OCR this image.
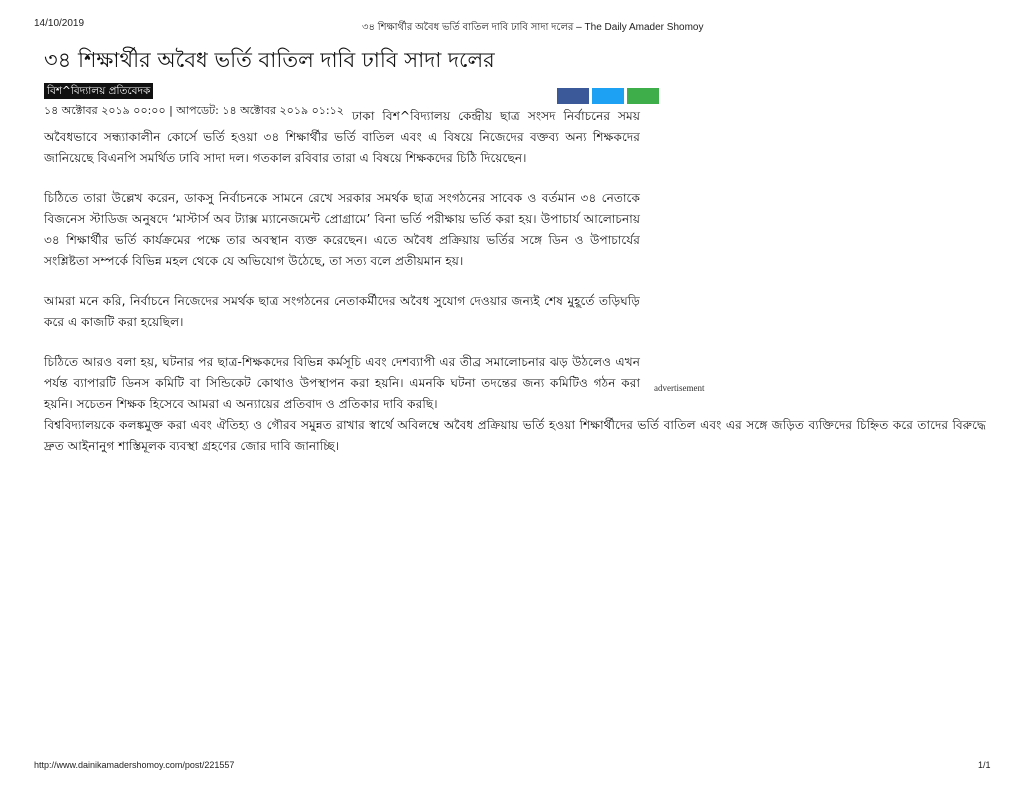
14/10/2019	৩৪ শিক্ষার্থীর অবৈধ ভর্তি বাতিল দাবি ঢাবি সাদা দলের – The Daily Amader Shomoy
৩৪ শিক্ষার্থীর অবৈধ ভর্তি বাতিল দাবি ঢাবি সাদা দলের
বিশ^বিদ্যালয় প্রতিবেদক
১৪ অক্টোবর ২০১৯ ০০:০০ | আপডেট: ১৪ অক্টোবর ২০১৯ ০১:১২ ঢাকা বিশ^বিদ্যালয় কেন্দ্রীয় ছাত্র সংসদ নির্বাচনের সময় অবৈধভাবে সন্ধ্যাকালীন কোর্সে ভর্তি হওয়া ৩৪ শিক্ষার্থীর ভর্তি বাতিল এবং এ বিষয়ে নিজেদের বক্তব্য অন্য শিক্ষকদের জানিয়েছে বিএনপি সমর্থিত ঢাবি সাদা দল। গতকাল রবিবার তারা এ বিষয়ে শিক্ষকদের চিঠি দিয়েছেন।

চিঠিতে তারা উল্লেখ করেন, ডাকসু নির্বাচনকে সামনে রেখে সরকার সমর্থক ছাত্র সংগঠনের সাবেক ও বর্তমান ৩৪ নেতাকে বিজনেস স্টাডিজ অনুষদে ‘মাস্টার্স অব ট্যাক্স ম্যানেজমেন্ট প্রোগ্রামে’ বিনা ভর্তি পরীক্ষায় ভর্তি করা হয়। উপাচার্য আলোচনায় ৩৪ শিক্ষার্থীর ভর্তি কার্যক্রমের পক্ষে তার অবস্থান ব্যক্ত করেছেন। এতে অবৈধ প্রক্রিয়ায় ভর্তির সঙ্গে ডিন ও উপাচার্যের সংশ্লিষ্টতা সম্পর্কে বিভিন্ন মহল থেকে যে অভিযোগ উঠেছে, তা সত্য বলে প্রতীয়মান হয়।

আমরা মনে করি, নির্বাচনে নিজেদের সমর্থক ছাত্র সংগঠনের নেতাকর্মীদের অবৈধ সুযোগ দেওয়ার জন্যই শেষ মুহূর্তে তড়িঘড়ি করে এ কাজটি করা হয়েছিল।

চিঠিতে আরও বলা হয়, ঘটনার পর ছাত্র-শিক্ষকদের বিভিন্ন কর্মসূচি এবং দেশব্যাপী এর তীব্র সমালোচনার ঝড় উঠলেও এখন পর্যন্ত ব্যাপারটি ডিনস কমিটি বা সিন্ডিকেট কোথাও উপস্থাপন করা হয়নি। এমনকি ঘটনা তদন্তের জন্য কমিটিও গঠন করা হয়নি। সচেতন শিক্ষক হিসেবে আমরা এ অন্যায়ের প্রতিবাদ ও প্রতিকার দাবি করছি।

বিশ্ববিদ্যালয়কে কলঙ্কমুক্ত করা এবং ঐতিহ্য ও গৌরব সমুন্নত রাখার স্বার্থে অবিলম্বে অবৈধ প্রক্রিয়ায় ভর্তি হওয়া শিক্ষার্থীদের ভর্তি বাতিল এবং এর সঙ্গে জড়িত ব্যক্তিদের চিহ্নিত করে তাদের বিরুদ্ধে দ্রুত আইনানুগ শাস্তিমূলক ব্যবস্থা গ্রহণের জোর দাবি জানাচ্ছি।

advertisement
http://www.dainikamadershomoy.com/post/221557	1/1
